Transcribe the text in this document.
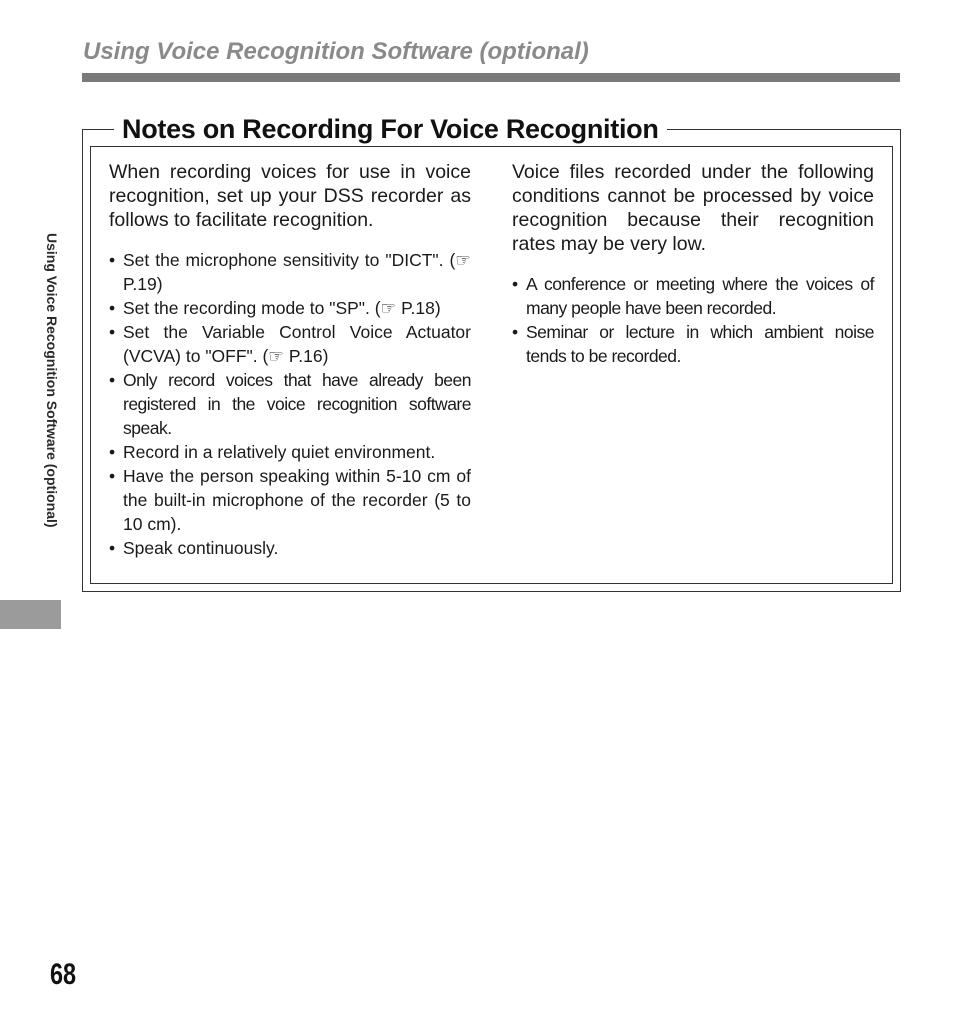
Using Voice Recognition Software (optional)
Using Voice Recognition Software (optional)
Notes on Recording For Voice Recognition

When recording voices for use in voice recognition, set up your DSS recorder as follows to facilitate recognition.

• Set the microphone sensitivity to "DICT". (☞ P.19)
• Set the recording mode to "SP". (☞ P.18)
• Set the Variable Control Voice Actuator (VCVA) to "OFF". (☞ P.16)
• Only record voices that have already been registered in the voice recognition software speak.
• Record in a relatively quiet environment.
• Have the person speaking within 5-10 cm of the built-in microphone of the recorder (5 to 10 cm).
• Speak continuously.

Voice files recorded under the following conditions cannot be processed by voice recognition because their recognition rates may be very low.

• A conference or meeting where the voices of many people have been recorded.
• Seminar or lecture in which ambient noise tends to be recorded.
68
